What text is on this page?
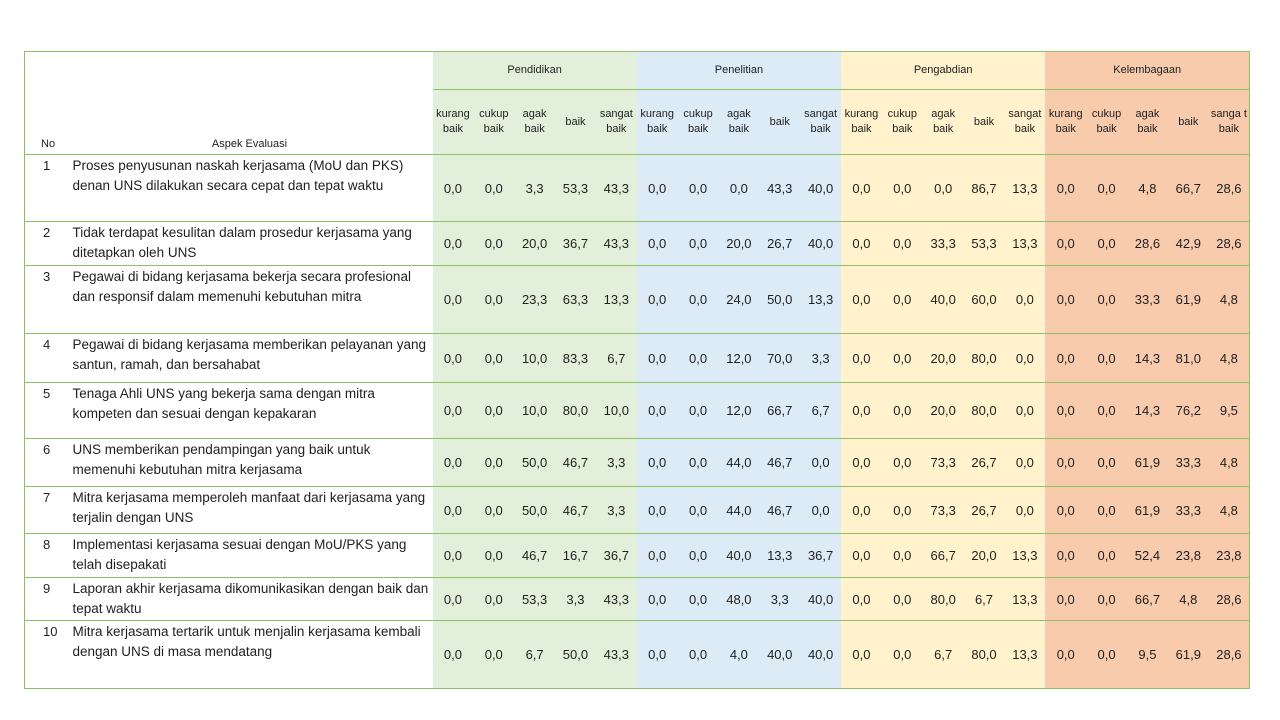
No	Aspek Evaluasi	Pendidikan					Penelitian					Pengabdian					Kelembagaan				
		kurang baik	cukup baik	agak baik	baik	sangat baik	kurang baik	cukup baik	agak baik	baik	sangat baik	kurang baik	cukup baik	agak baik	baik	sangat baik	kurang baik	cukup baik	agak baik	baik	sanga t baik
1	Proses penyusunan naskah kerjasama (MoU dan PKS) denan UNS dilakukan secara cepat dan tepat waktu	0,0	0,0	3,3	53,3	43,3	0,0	0,0	0,0	43,3	40,0	0,0	0,0	0,0	86,7	13,3	0,0	0,0	4,8	66,7	28,6
2	Tidak terdapat kesulitan dalam prosedur kerjasama yang ditetapkan oleh UNS	0,0	0,0	20,0	36,7	43,3	0,0	0,0	20,0	26,7	40,0	0,0	0,0	33,3	53,3	13,3	0,0	0,0	28,6	42,9	28,6
3	Pegawai di bidang kerjasama bekerja secara profesional dan responsif dalam memenuhi kebutuhan mitra	0,0	0,0	23,3	63,3	13,3	0,0	0,0	24,0	50,0	13,3	0,0	0,0	40,0	60,0	0,0	0,0	0,0	33,3	61,9	4,8
4	Pegawai di bidang kerjasama memberikan pelayanan yang santun, ramah, dan bersahabat	0,0	0,0	10,0	83,3	6,7	0,0	0,0	12,0	70,0	3,3	0,0	0,0	20,0	80,0	0,0	0,0	0,0	14,3	81,0	4,8
5	Tenaga Ahli UNS yang bekerja sama dengan mitra kompeten dan sesuai dengan kepakaran	0,0	0,0	10,0	80,0	10,0	0,0	0,0	12,0	66,7	6,7	0,0	0,0	20,0	80,0	0,0	0,0	0,0	14,3	76,2	9,5
6	UNS memberikan pendampingan yang baik untuk memenuhi kebutuhan mitra kerjasama	0,0	0,0	50,0	46,7	3,3	0,0	0,0	44,0	46,7	0,0	0,0	0,0	73,3	26,7	0,0	0,0	0,0	61,9	33,3	4,8
7	Mitra kerjasama memperoleh manfaat dari kerjasama yang terjalin dengan UNS	0,0	0,0	50,0	46,7	3,3	0,0	0,0	44,0	46,7	0,0	0,0	0,0	73,3	26,7	0,0	0,0	0,0	61,9	33,3	4,8
8	Implementasi kerjasama sesuai dengan MoU/PKS yang telah disepakati	0,0	0,0	46,7	16,7	36,7	0,0	0,0	40,0	13,3	36,7	0,0	0,0	66,7	20,0	13,3	0,0	0,0	52,4	23,8	23,8
9	Laporan akhir kerjasama dikomunikasikan dengan baik dan tepat waktu	0,0	0,0	53,3	3,3	43,3	0,0	0,0	48,0	3,3	40,0	0,0	0,0	80,0	6,7	13,3	0,0	0,0	66,7	4,8	28,6
10	Mitra kerjasama tertarik untuk menjalin kerjasama kembali dengan UNS di masa mendatang	0,0	0,0	6,7	50,0	43,3	0,0	0,0	4,0	40,0	40,0	0,0	0,0	6,7	80,0	13,3	0,0	0,0	9,5	61,9	28,6
